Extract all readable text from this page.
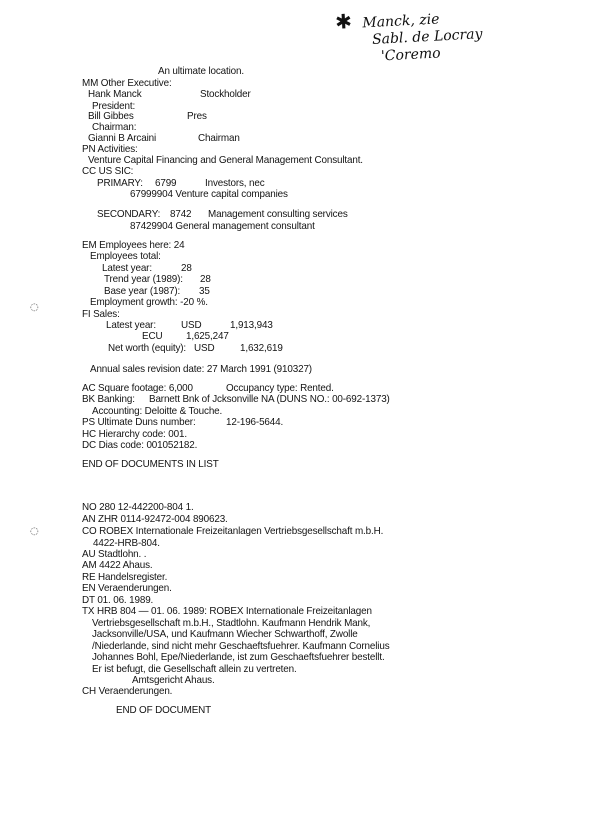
✱ Manck, zie
Sabl. de Locray
'Coremo
◌
◌
An ultimate location.
MM Other Executive:
Hank Manck	Stockholder
President:
Bill Gibbes	Pres
Chairman:
Gianni B Arcaini	Chairman
PN Activities:
Venture Capital Financing and General Management Consultant.
CC US SIC:
PRIMARY: 6799	Investors, nec
67999904 Venture capital companies
SECONDARY: 8742 Management consulting services
87429904 General management consultant
EM Employees here: 24
Employees total:
Latest year:	28
Trend year (1989): 28
Base year (1987): 35
Employment growth: -20 %.
FI Sales:
Latest year: USD	1,913,943
ECU 1,625,247
Net worth (equity): USD 1,632,619
Annual sales revision date: 27 March 1991 (910327)
AC Square footage: 6,000	Occupancy type: Rented.
BK Banking: Barnett Bnk of Jcksonville NA (DUNS NO.: 00-692-1373)
Accounting: Deloitte & Touche.
PS Ultimate Duns number:	12-196-5644.
HC Hierarchy code: 001.
DC Dias code: 001052182.
END OF DOCUMENTS IN LIST
NO 280 12-442200-804 1.
AN ZHR 0114-92472-004 890623.
CO ROBEX Internationale Freizeitanlagen Vertriebsgesellschaft m.b.H.
4422-HRB-804.
AU Stadtlohn. .
AM 4422 Ahaus.
RE Handelsregister.
EN Veraenderungen.
DT 01. 06. 1989.
TX HRB 804 — 01. 06. 1989: ROBEX Internationale Freizeitanlagen
Vertriebsgesellschaft m.b.H., Stadtlohn. Kaufmann Hendrik Mank,
Jacksonville/USA, und Kaufmann Wiecher Schwarthoff, Zwolle
/Niederlande, sind nicht mehr Geschaeftsfuehrer. Kaufmann Cornelius
Johannes Bohl, Epe/Niederlande, ist zum Geschaeftsfuehrer bestellt.
Er ist befugt, die Gesellschaft allein zu vertreten.
Amtsgericht Ahaus.
CH Veraenderungen.
END OF DOCUMENT
